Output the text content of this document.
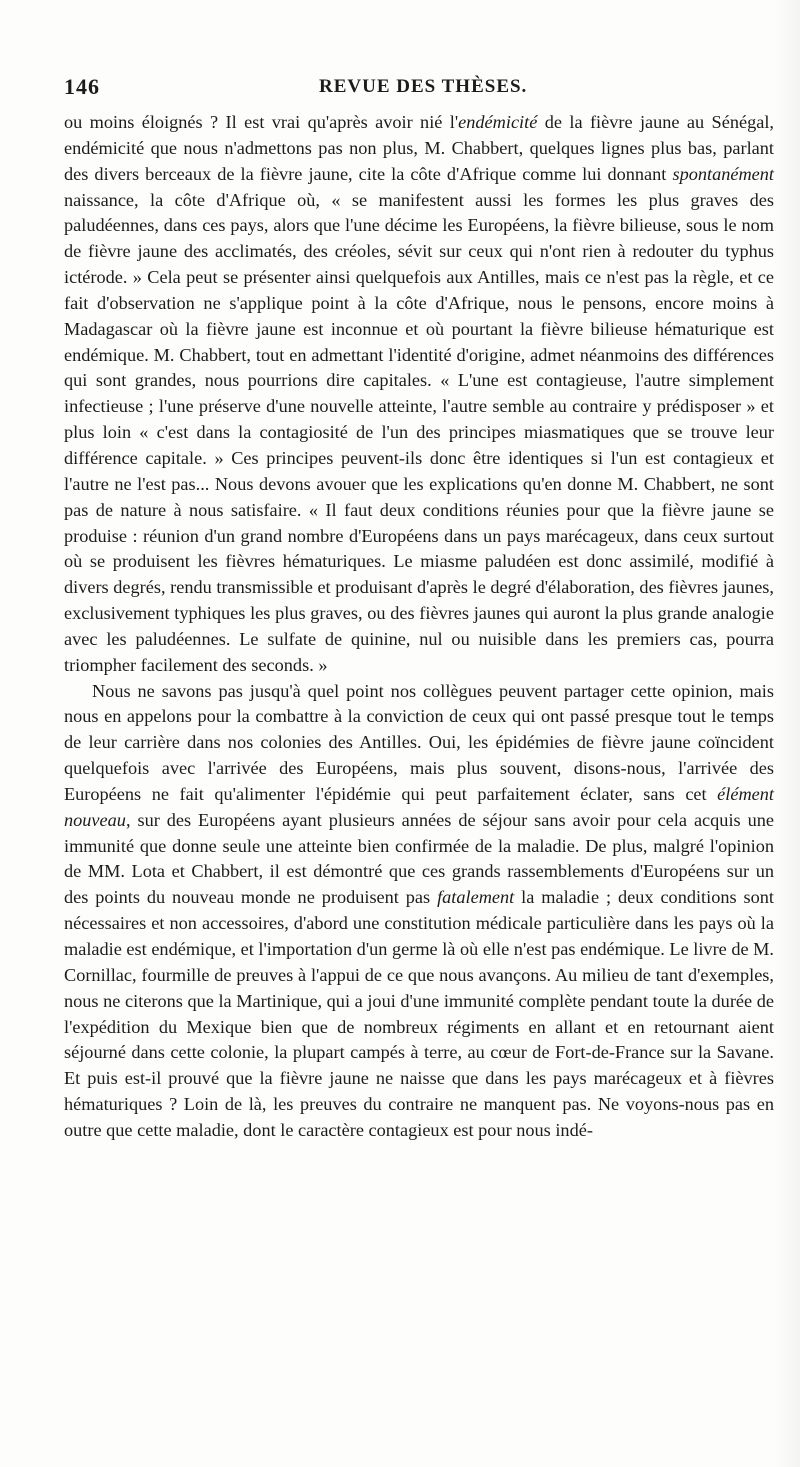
146	REVUE DES THÈSES.

ou moins éloignés ? Il est vrai qu'après avoir nié l'endémicité de la fièvre jaune au Sénégal, endémicité que nous n'admettons pas non plus, M. Chabbert, quelques lignes plus bas, parlant des divers berceaux de la fièvre jaune, cite la côte d'Afrique comme lui donnant spontanément naissance, la côte d'Afrique où, « se manifestent aussi les formes les plus graves des paludéennes, dans ces pays, alors que l'une décime les Européens, la fièvre bilieuse, sous le nom de fièvre jaune des acclimatés, des créoles, sévit sur ceux qui n'ont rien à redouter du typhus ictérode. » Cela peut se présenter ainsi quelquefois aux Antilles, mais ce n'est pas la règle, et ce fait d'observation ne s'applique point à la côte d'Afrique, nous le pensons, encore moins à Madagascar où la fièvre jaune est inconnue et où pourtant la fièvre bilieuse hématurique est endémique. M. Chabbert, tout en admettant l'identité d'origine, admet néanmoins des différences qui sont grandes, nous pourrions dire capitales. « L'une est contagieuse, l'autre simplement infectieuse ; l'une préserve d'une nouvelle atteinte, l'autre semble au contraire y prédisposer » et plus loin « c'est dans la contagiosité de l'un des principes miasmatiques que se trouve leur différence capitale. » Ces principes peuvent-ils donc être identiques si l'un est contagieux et l'autre ne l'est pas... Nous devons avouer que les explications qu'en donne M. Chabbert, ne sont pas de nature à nous satisfaire. « Il faut deux conditions réunies pour que la fièvre jaune se produise : réunion d'un grand nombre d'Européens dans un pays marécageux, dans ceux surtout où se produisent les fièvres hématuriques. Le miasme paludéen est donc assimilé, modifié à divers degrés, rendu transmissible et produisant d'après le degré d'élaboration, des fièvres jaunes, exclusivement typhiques les plus graves, ou des fièvres jaunes qui auront la plus grande analogie avec les paludéennes. Le sulfate de quinine, nul ou nuisible dans les premiers cas, pourra triompher facilement des seconds. »

Nous ne savons pas jusqu'à quel point nos collègues peuvent partager cette opinion, mais nous en appelons pour la combattre à la conviction de ceux qui ont passé presque tout le temps de leur carrière dans nos colonies des Antilles. Oui, les épidémies de fièvre jaune coïncident quelquefois avec l'arrivée des Européens, mais plus souvent, disons-nous, l'arrivée des Européens ne fait qu'alimenter l'épidémie qui peut parfaitement éclater, sans cet élément nouveau, sur des Européens ayant plusieurs années de séjour sans avoir pour cela acquis une immunité que donne seule une atteinte bien confirmée de la maladie. De plus, malgré l'opinion de MM. Lota et Chabbert, il est démontré que ces grands rassemblements d'Européens sur un des points du nouveau monde ne produisent pas fatalement la maladie ; deux conditions sont nécessaires et non accessoires, d'abord une constitution médicale particulière dans les pays où la maladie est endémique, et l'importation d'un germe là où elle n'est pas endémique. Le livre de M. Cornillac, fourmille de preuves à l'appui de ce que nous avançons. Au milieu de tant d'exemples, nous ne citerons que la Martinique, qui a joui d'une immunité complète pendant toute la durée de l'expédition du Mexique bien que de nombreux régiments en allant et en retournant aient séjourné dans cette colonie, la plupart campés à terre, au cœur de Fort-de-France sur la Savane. Et puis est-il prouvé que la fièvre jaune ne naisse que dans les pays marécageux et à fièvres hématuriques ? Loin de là, les preuves du contraire ne manquent pas. Ne voyons-nous pas en outre que cette maladie, dont le caractère contagieux est pour nous indé-
